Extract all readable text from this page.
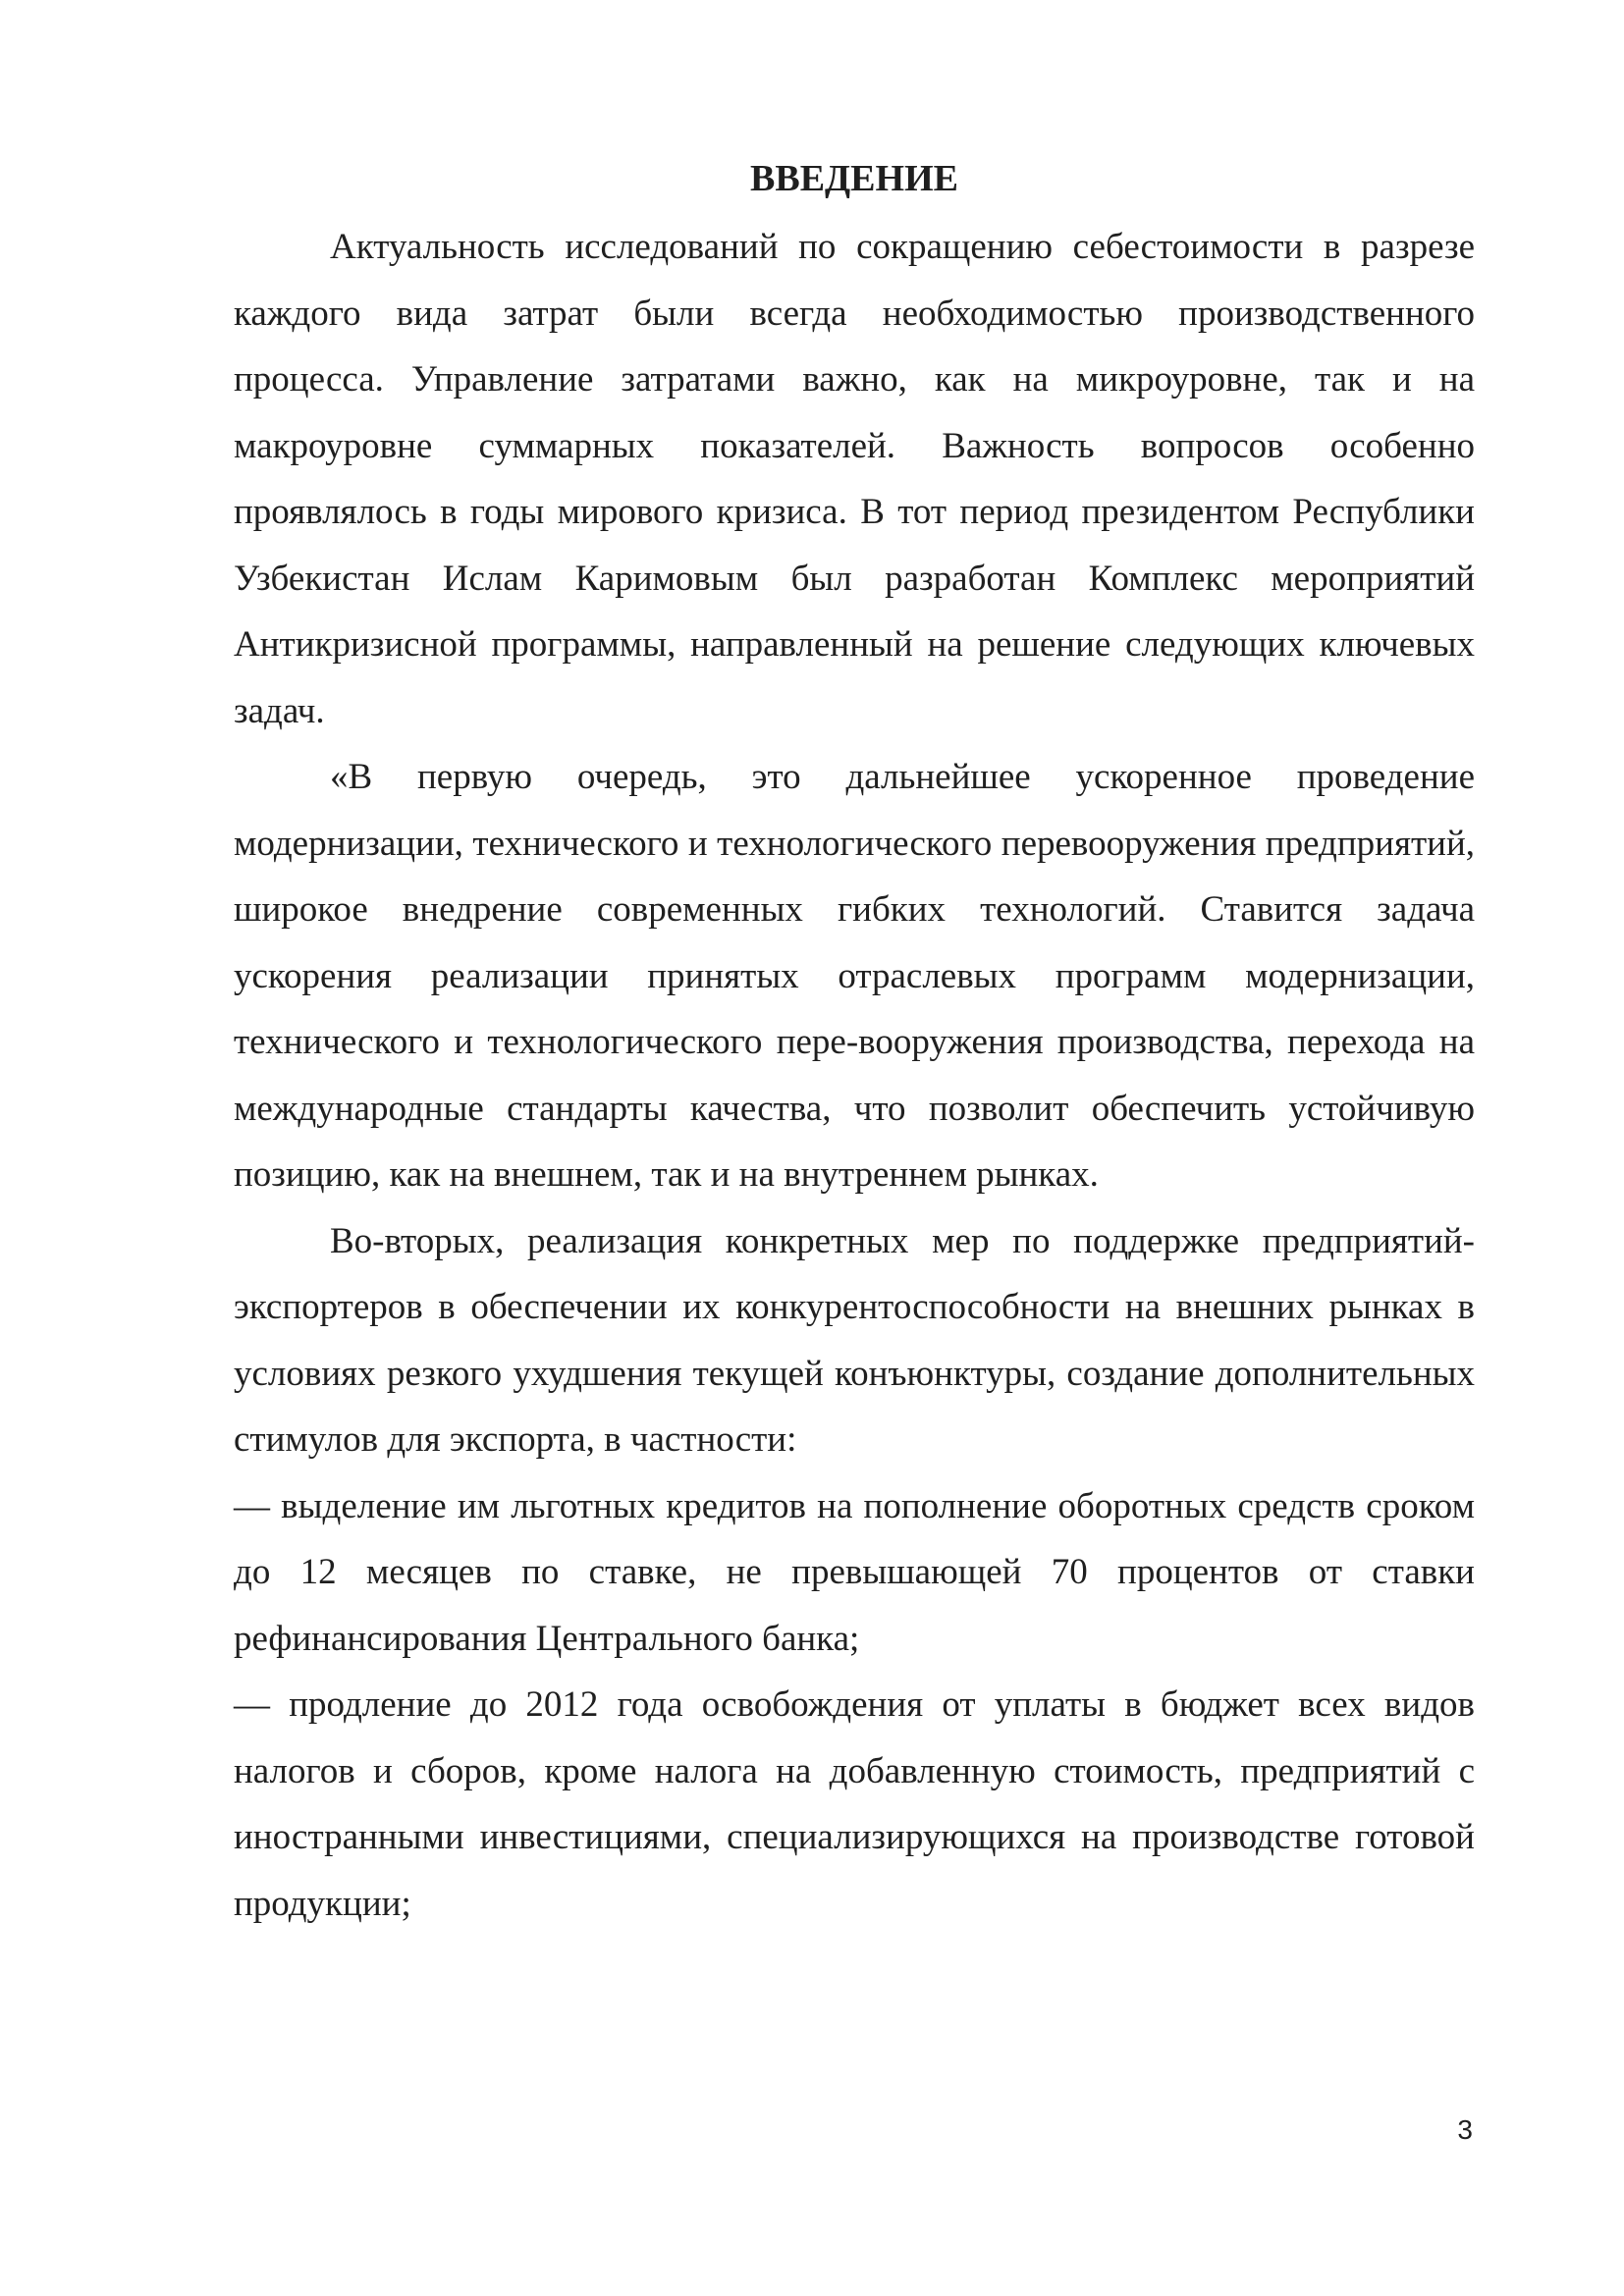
ВВЕДЕНИЕ

Актуальность исследований по сокращению себестоимости в разрезе каждого вида затрат были всегда необходимостью производственного процесса. Управление затратами важно, как на микроуровне, так и на макроуровне суммарных показателей. Важность вопросов особенно проявлялось в годы мирового кризиса. В тот период президентом Республики Узбекистан Ислам Каримовым был разработан Комплекс мероприятий Антикризисной программы, направленный на решение следующих ключевых задач.

«В первую очередь, это дальнейшее ускоренное проведение модернизации, технического и технологического перевооружения предприятий, широкое внедрение современных гибких технологий. Ставится задача ускорения реализации принятых отраслевых программ модернизации, технического и технологического пере-вооружения производства, перехода на международные стандарты качества, что позволит обеспечить устойчивую позицию, как на внешнем, так и на внутреннем рынках.

Во-вторых, реализация конкретных мер по поддержке предприятий-экспортеров в обеспечении их конкурентоспособности на внешних рынках в условиях резкого ухудшения текущей конъюнктуры, создание дополнительных стимулов для экспорта, в частности:

— выделение им льготных кредитов на пополнение оборотных средств сроком до 12 месяцев по ставке, не превышающей 70 процентов от ставки рефинансирования Центрального банка;

— продление до 2012 года освобождения от уплаты в бюджет всех видов налогов и сборов, кроме налога на добавленную стоимость, предприятий с иностранными инвестициями, специализирующихся на производстве готовой продукции;

3
